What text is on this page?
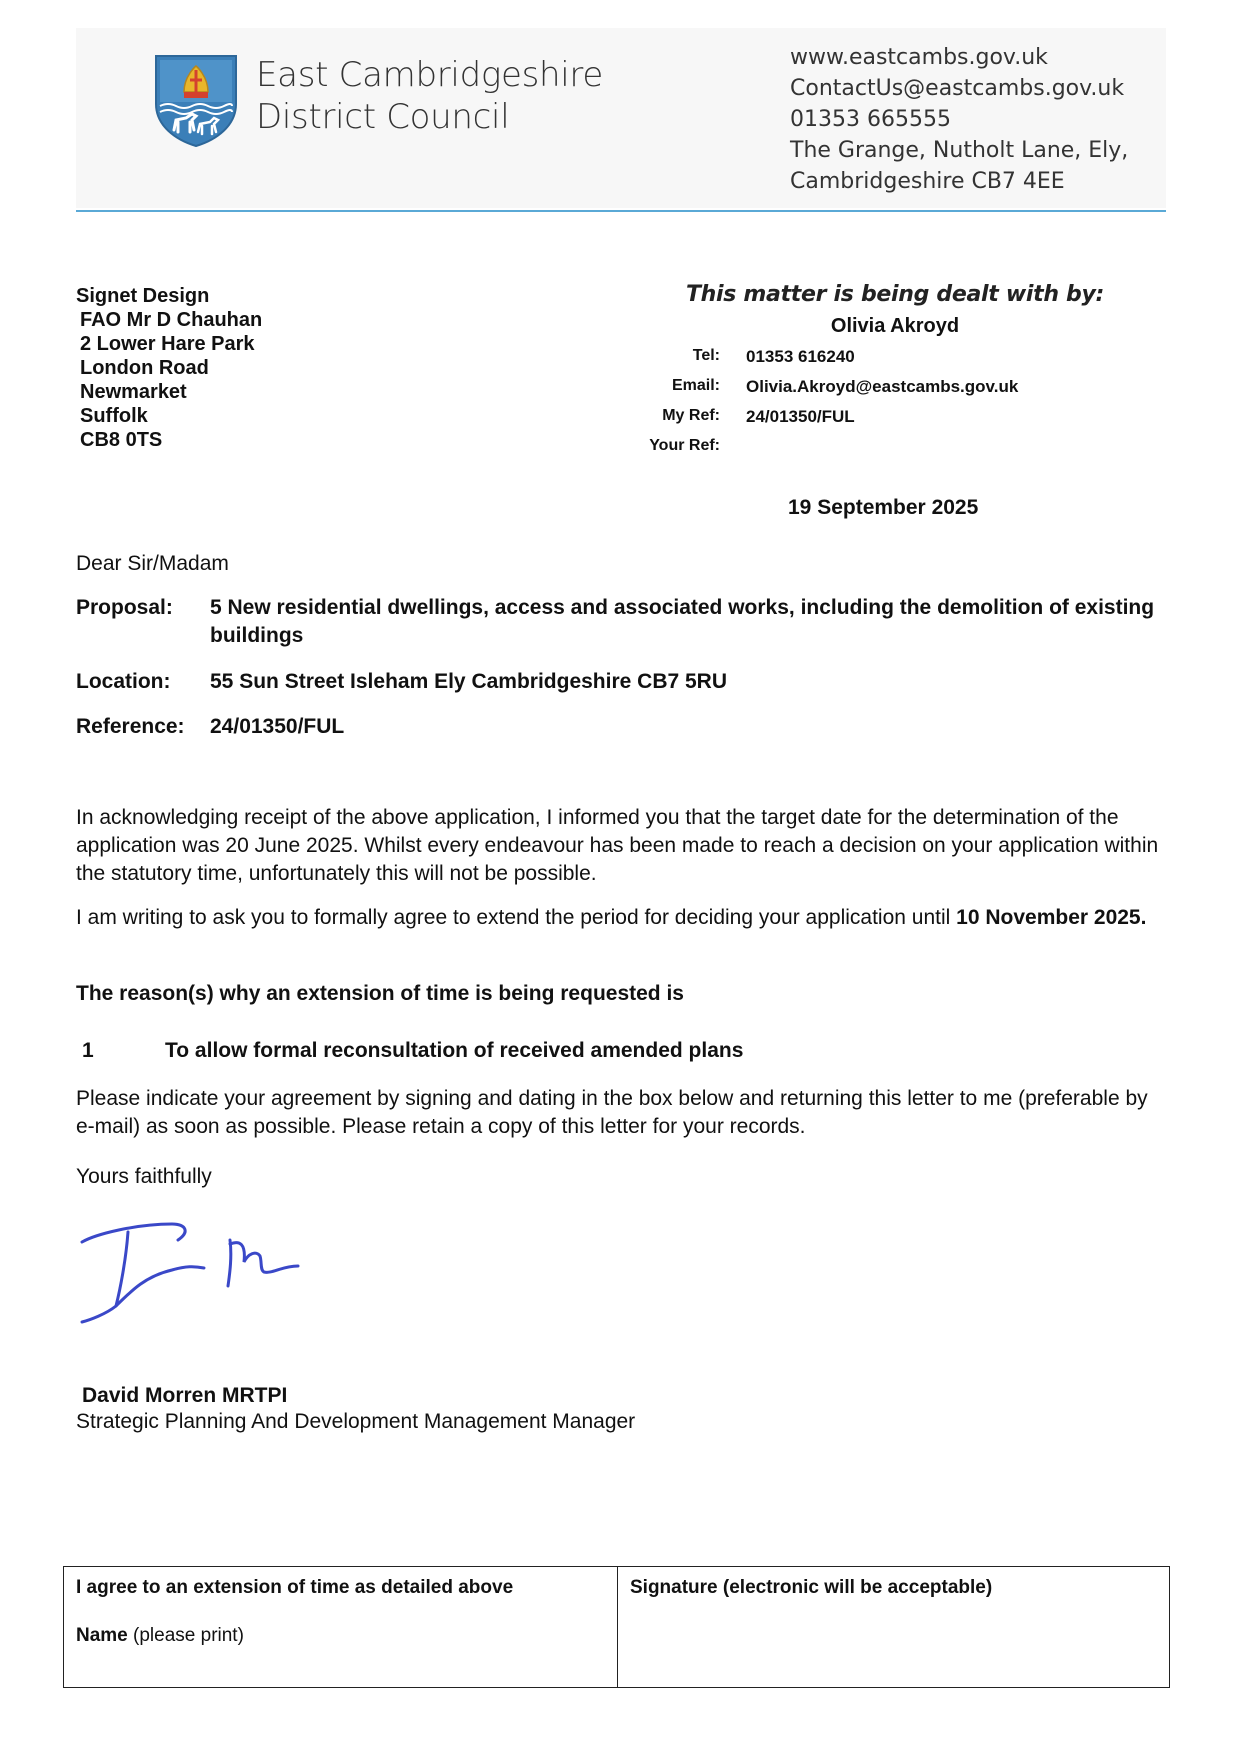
East Cambridgeshire
District Council
www.eastcambs.gov.uk
ContactUs@eastcambs.gov.uk
01353 665555
The Grange, Nutholt Lane, Ely,
Cambridgeshire CB7 4EE
Signet Design
FAO Mr D Chauhan
2 Lower Hare Park
London Road
Newmarket
Suffolk
CB8 0TS
This matter is being dealt with by:
Olivia Akroyd
Tel: 01353 616240
Email: Olivia.Akroyd@eastcambs.gov.uk
My Ref: 24/01350/FUL
Your Ref:
19 September 2025
Dear Sir/Madam
Proposal: 5 New residential dwellings, access and associated works, including the demolition of existing buildings
Location: 55 Sun Street Isleham Ely Cambridgeshire CB7 5RU
Reference: 24/01350/FUL
In acknowledging receipt of the above application, I informed you that the target date for the determination of the application was 20 June 2025. Whilst every endeavour has been made to reach a decision on your application within the statutory time, unfortunately this will not be possible.
I am writing to ask you to formally agree to extend the period for deciding your application until 10 November 2025.
The reason(s) why an extension of time is being requested is
1	To allow formal reconsultation of received amended plans
Please indicate your agreement by signing and dating in the box below and returning this letter to me (preferable by e-mail) as soon as possible. Please retain a copy of this letter for your records.
Yours faithfully
David Morren MRTPI
Strategic Planning And Development Management Manager
I agree to an extension of time as detailed above
Name (please print)
Signature (electronic will be acceptable)
